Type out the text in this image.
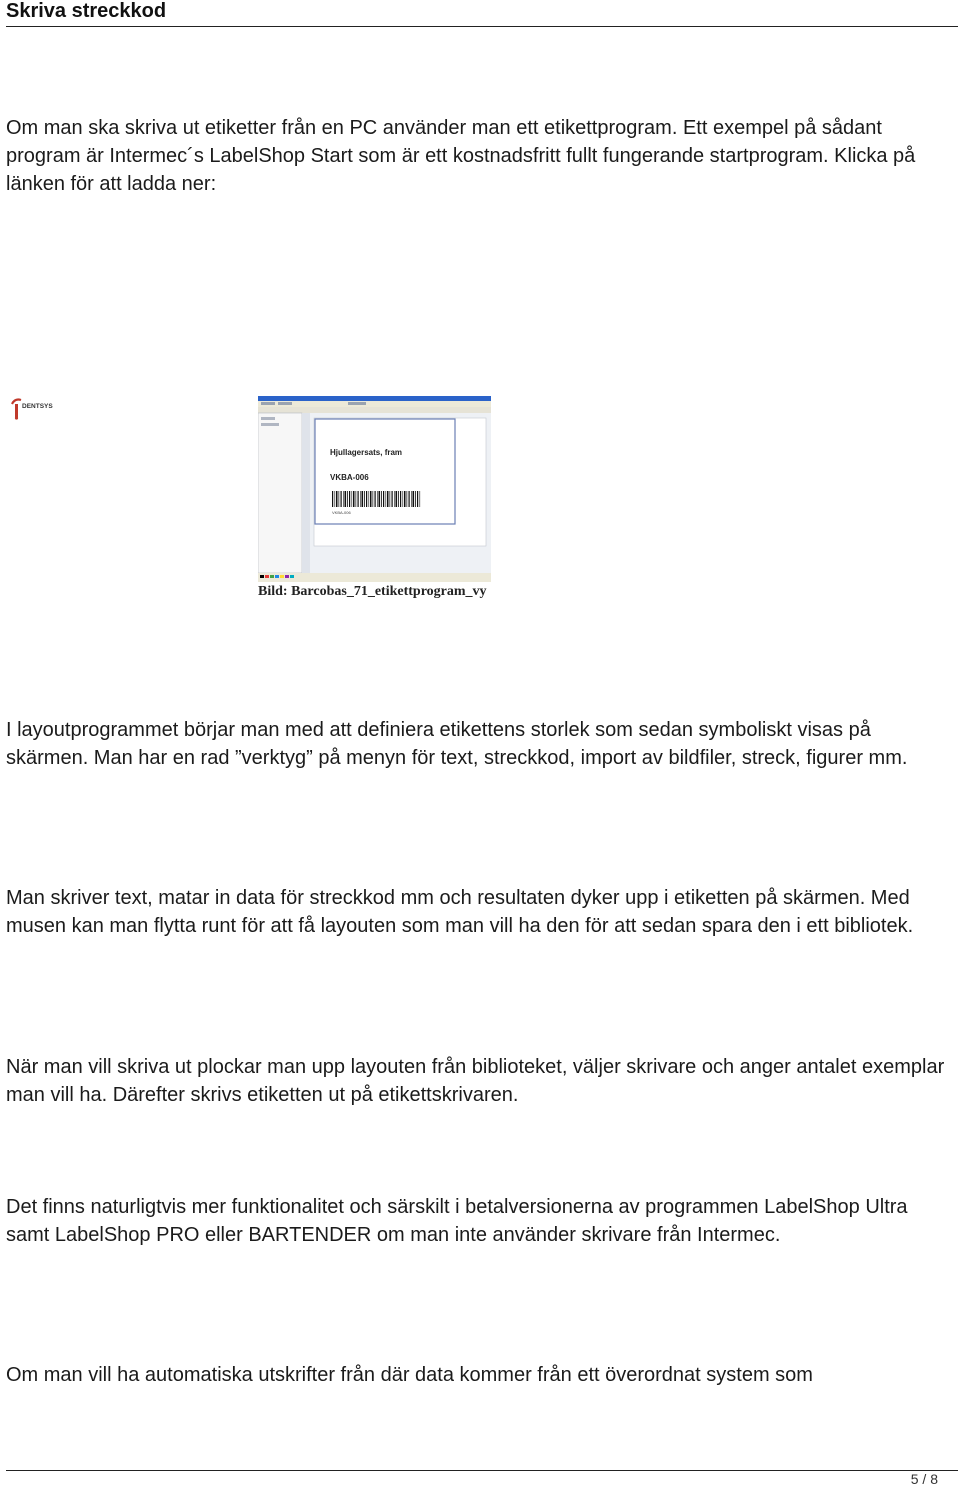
Skriva streckkod

Om man ska skriva ut etiketter från en PC använder man ett etikettprogram. Ett exempel på sådant program är Intermec´s LabelShop Start som är ett kostnadsfritt fullt fungerande startprogram. Klicka på länken för att ladda ner:

DENTSYS
Hjullagersats, fram
VKBA-006
VKBA-006
Bild: Barcobas_71_etikettprogram_vy

I layoutprogrammet börjar man med att definiera etikettens storlek som sedan symboliskt visas på skärmen. Man har en rad ”verktyg” på menyn för text, streckkod, import av bildfiler, streck, figurer mm.

Man skriver text, matar in data för streckkod mm och resultaten dyker upp i etiketten på skärmen. Med musen kan man flytta runt för att få layouten som man vill ha den för att sedan spara den i ett bibliotek.

När man vill skriva ut plockar man upp layouten från biblioteket, väljer skrivare och anger antalet exemplar man vill ha. Därefter skrivs etiketten ut på etikettskrivaren.

Det finns naturligtvis mer funktionalitet och särskilt i betalversionerna av programmen LabelShop Ultra samt LabelShop PRO eller BARTENDER om man inte använder skrivare från Intermec.

Om man vill ha automatiska utskrifter från där data kommer från ett överordnat system som

5 / 8
